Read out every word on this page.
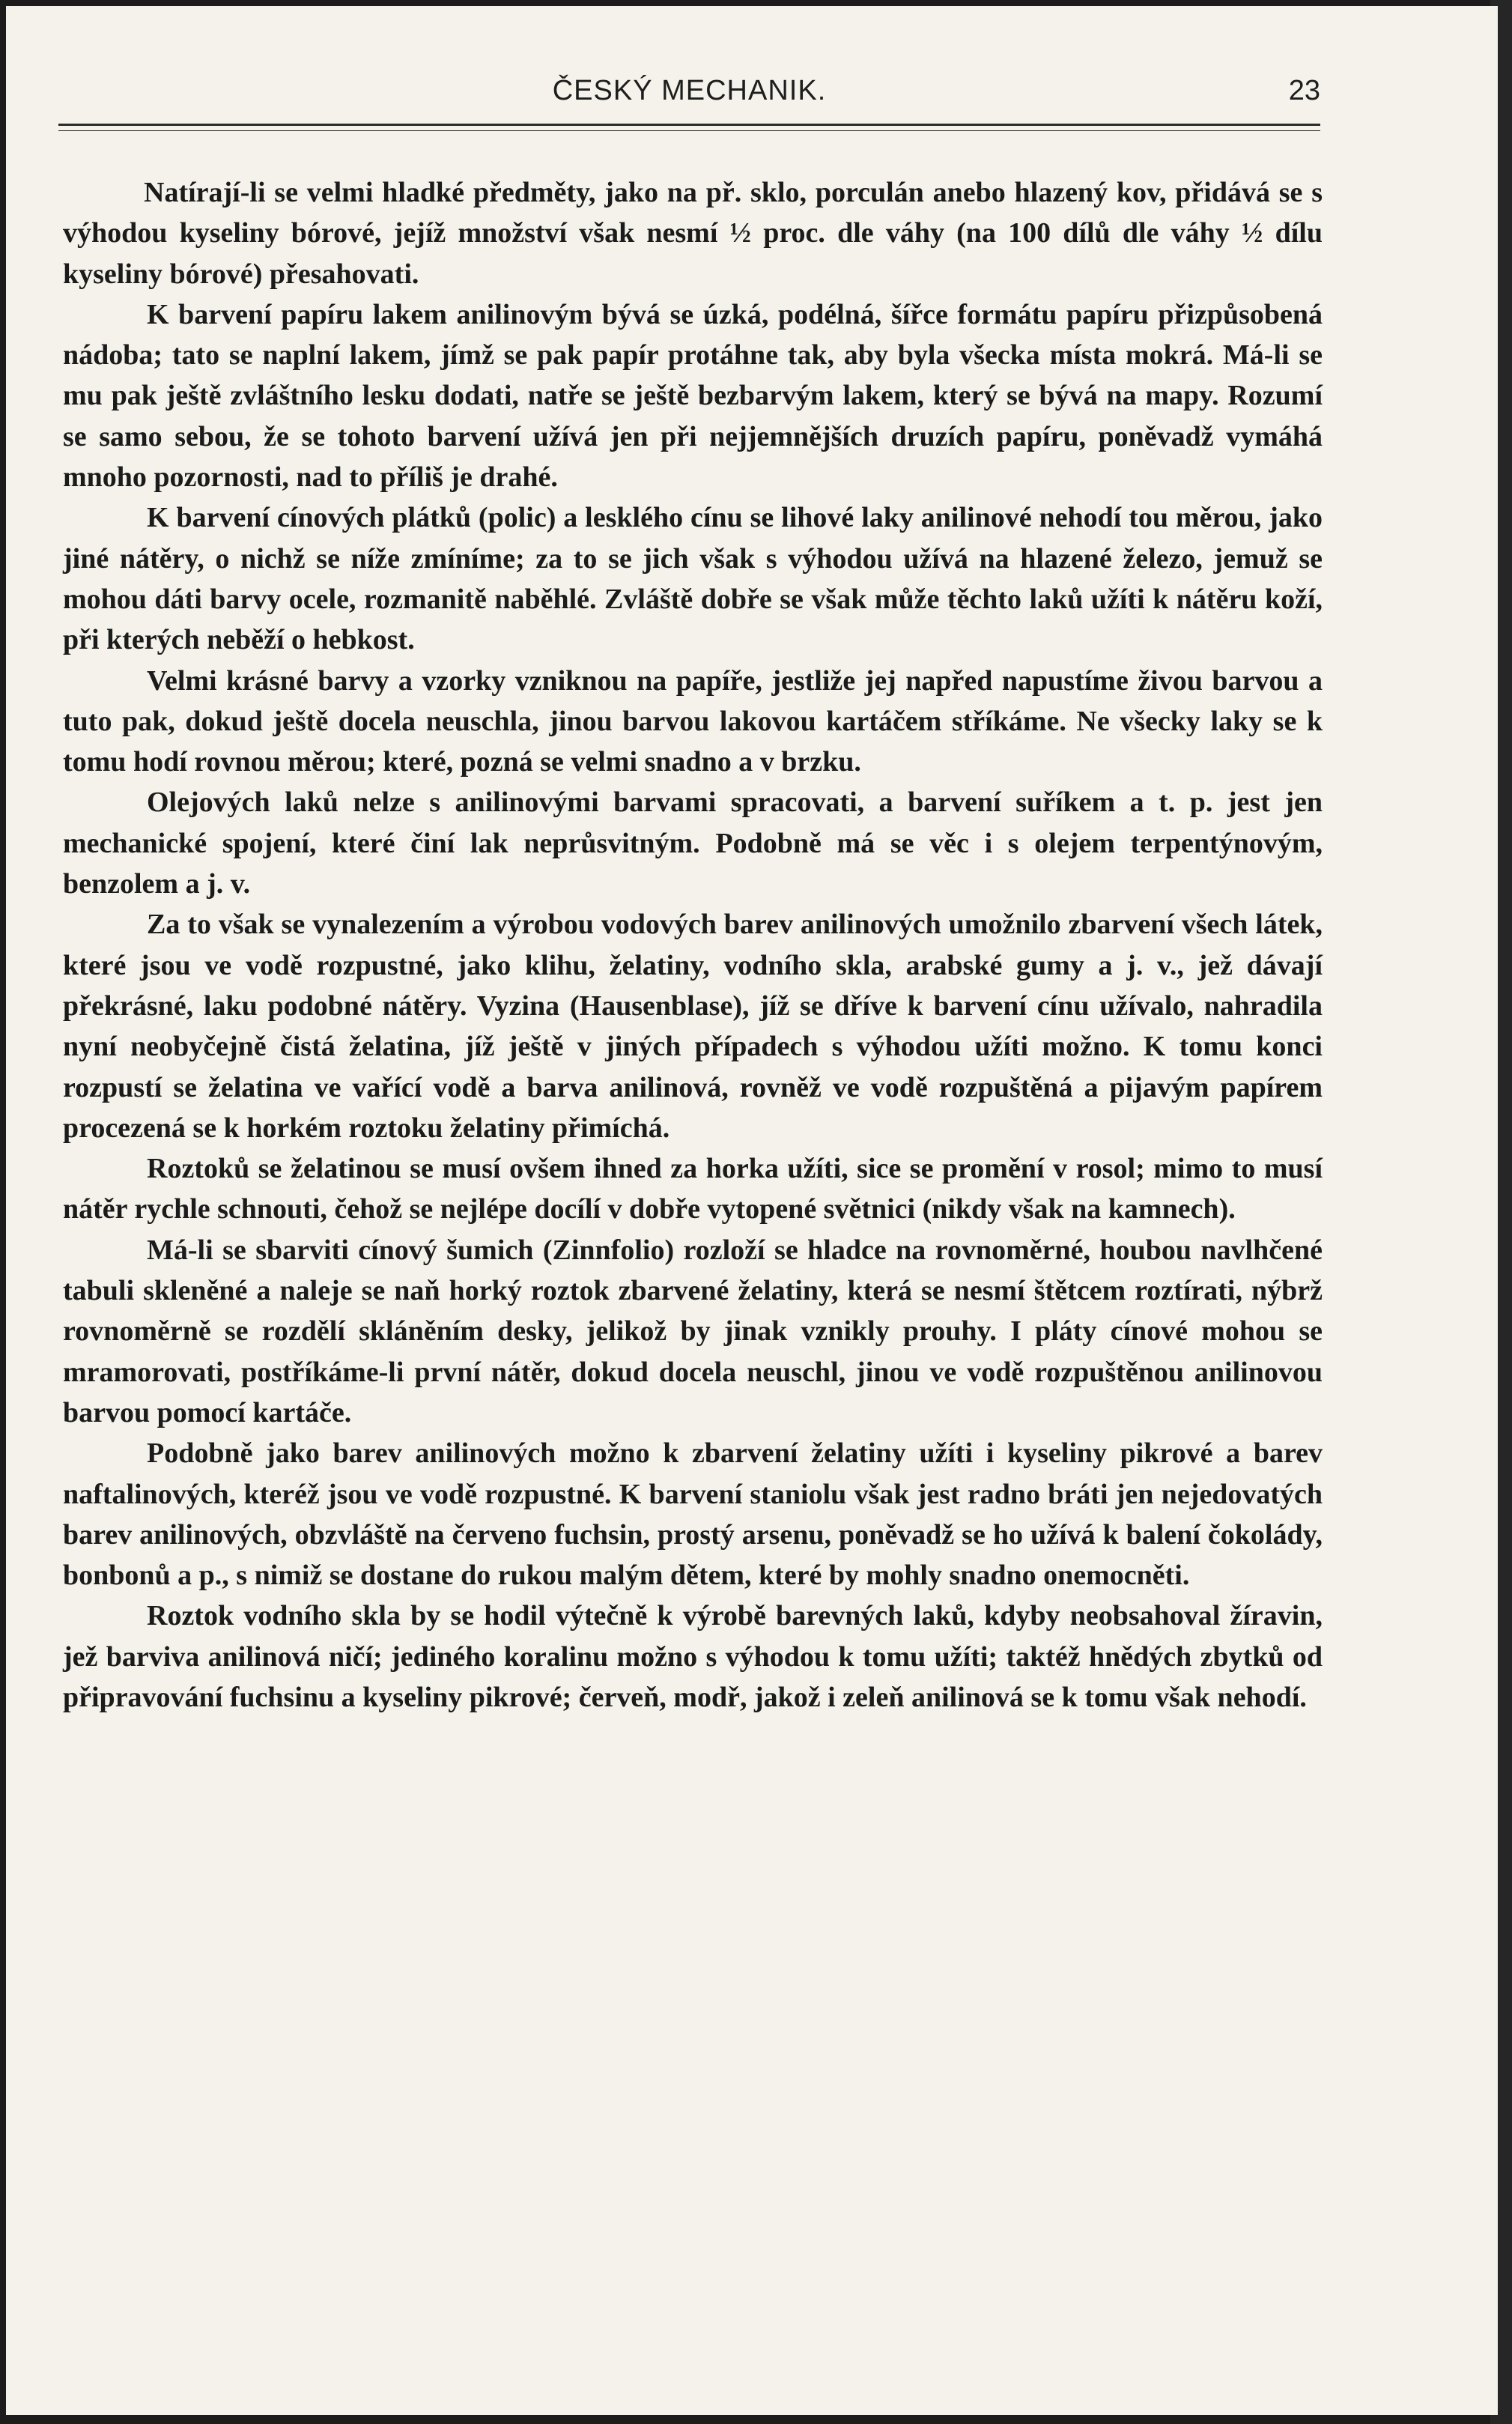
ČESKÝ MECHANIK.	23

Natírají-li se velmi hladké předměty, jako na př. sklo, porculán anebo hlazený kov, přidává se s výhodou kyseliny bórové, jejíž množství však nesmí ½ proc. dle váhy (na 100 dílů dle váhy ½ dílu kyseliny bórové) přesahovati.

K barvení papíru lakem anilinovým bývá se úzká, podélná, šířce formátu papíru přizpůsobená nádoba; tato se naplní lakem, jímž se pak papír protáhne tak, aby byla všecka místa mokrá. Má-li se mu pak ještě zvláštního lesku dodati, natře se ještě bezbarvým lakem, který se bývá na mapy. Rozumí se samo sebou, že se tohoto barvení užívá jen při nejjemnějších druzích papíru, poněvadž vymáhá mnoho pozornosti, nad to příliš je drahé.

K barvení cínových plátků (polic) a lesklého cínu se lihové laky anilinové nehodí tou měrou, jako jiné nátěry, o nichž se níže zmíníme; za to se jich však s výhodou užívá na hlazené železo, jemuž se mohou dáti barvy ocele, rozmanitě naběhlé. Zvláště dobře se však může těchto laků užíti k nátěru koží, při kterých neběží o hebkost.

Velmi krásné barvy a vzorky vzniknou na papíře, jestliže jej napřed napustíme živou barvou a tuto pak, dokud ještě docela neuschla, jinou barvou lakovou kartáčem stříkáme. Ne všecky laky se k tomu hodí rovnou měrou; které, pozná se velmi snadno a v brzku.

Olejových laků nelze s anilinovými barvami spracovati, a barvení suříkem a t. p. jest jen mechanické spojení, které činí lak neprůsvitným. Podobně má se věc i s olejem terpentýnovým, benzolem a j. v.

Za to však se vynalezením a výrobou vodových barev anilinových umožnilo zbarvení všech látek, které jsou ve vodě rozpustné, jako klihu, želatiny, vodního skla, arabské gumy a j. v., jež dávají překrásné, laku podobné nátěry. Vyzina (Hausenblase), jíž se dříve k barvení cínu užívalo, nahradila nyní neobyčejně čistá želatina, jíž ještě v jiných případech s výhodou užíti možno. K tomu konci rozpustí se želatina ve vařící vodě a barva anilinová, rovněž ve vodě rozpuštěná a pijavým papírem procezená se k horkém roztoku želatiny přimíchá.

Roztoků se želatinou se musí ovšem ihned za horka užíti, sice se promění v rosol; mimo to musí nátěr rychle schnouti, čehož se nejlépe docílí v dobře vytopené světnici (nikdy však na kamnech).

Má-li se sbarviti cínový šumich (Zinnfolio) rozloží se hladce na rovnoměrné, houbou navlhčené tabuli skleněné a naleje se naň horký roztok zbarvené želatiny, která se nesmí štětcem roztírati, nýbrž rovnoměrně se rozdělí skláněním desky, jelikož by jinak vznikly prouhy. I pláty cínové mohou se mramorovati, postříkáme-li první nátěr, dokud docela neuschl, jinou ve vodě rozpuštěnou anilinovou barvou pomocí kartáče.

Podobně jako barev anilinových možno k zbarvení želatiny užíti i kyseliny pikrové a barev naftalinových, kteréž jsou ve vodě rozpustné. K barvení staniolu však jest radno bráti jen nejedovatých barev anilinových, obzvláště na červeno fuchsin, prostý arsenu, poněvadž se ho užívá k balení čokolády, bonbonů a p., s nimiž se dostane do rukou malým dětem, které by mohly snadno onemocněti.

Roztok vodního skla by se hodil výtečně k výrobě barevných laků, kdyby neobsahoval žíravin, jež barviva anilinová ničí; jediného koralinu možno s výhodou k tomu užíti; taktéž hnědých zbytků od připravování fuchsinu a kyseliny pikrové; červeň, modř, jakož i zeleň anilinová se k tomu však nehodí.
